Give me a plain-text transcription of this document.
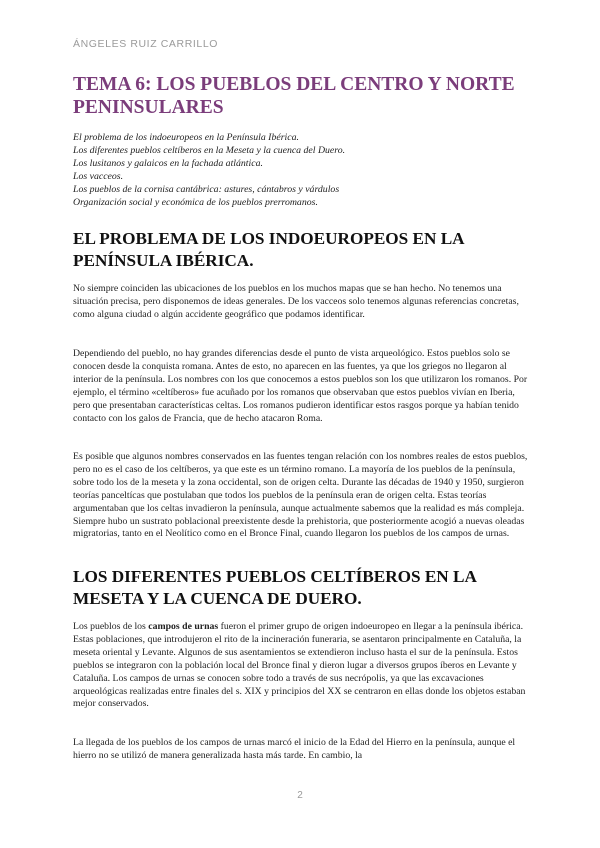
ÁNGELES RUIZ CARRILLO
TEMA 6: LOS PUEBLOS DEL CENTRO Y NORTE PENINSULARES
El problema de los indoeuropeos en la Península Ibérica.
Los diferentes pueblos celtíberos en la Meseta y la cuenca del Duero.
Los lusitanos y galaicos en la fachada atlántica.
Los vacceos.
Los pueblos de la cornisa cantábrica: astures, cántabros y várdulos
Organización social y económica de los pueblos prerromanos.
EL PROBLEMA DE LOS INDOEUROPEOS EN LA PENÍNSULA IBÉRICA.

No siempre coinciden las ubicaciones de los pueblos en los muchos mapas que se han hecho. No tenemos una situación precisa, pero disponemos de ideas generales. De los vacceos solo tenemos algunas referencias concretas, como alguna ciudad o algún accidente geográfico que podamos identificar.

Dependiendo del pueblo, no hay grandes diferencias desde el punto de vista arqueológico. Estos pueblos solo se conocen desde la conquista romana. Antes de esto, no aparecen en las fuentes, ya que los griegos no llegaron al interior de la península. Los nombres con los que conocemos a estos pueblos son los que utilizaron los romanos. Por ejemplo, el término «celtíberos» fue acuñado por los romanos que observaban que estos pueblos vivían en Iberia, pero que presentaban características celtas. Los romanos pudieron identificar estos rasgos porque ya habían tenido contacto con los galos de Francia, que de hecho atacaron Roma.

Es posible que algunos nombres conservados en las fuentes tengan relación con los nombres reales de estos pueblos, pero no es el caso de los celtíberos, ya que este es un término romano. La mayoría de los pueblos de la península, sobre todo los de la meseta y la zona occidental, son de origen celta. Durante las décadas de 1940 y 1950, surgieron teorías panceltícas que postulaban que todos los pueblos de la península eran de origen celta. Estas teorías argumentaban que los celtas invadieron la península, aunque actualmente sabemos que la realidad es más compleja. Siempre hubo un sustrato poblacional preexistente desde la prehistoria, que posteriormente acogió a nuevas oleadas migratorias, tanto en el Neolítico como en el Bronce Final, cuando llegaron los pueblos de los campos de urnas.

LOS DIFERENTES PUEBLOS CELTÍBEROS EN LA MESETA Y LA CUENCA DE DUERO.

Los pueblos de los campos de urnas fueron el primer grupo de origen indoeuropeo en llegar a la península ibérica. Estas poblaciones, que introdujeron el rito de la incineración funeraria, se asentaron principalmente en Cataluña, la meseta oriental y Levante. Algunos de sus asentamientos se extendieron incluso hasta el sur de la península. Estos pueblos se integraron con la población local del Bronce final y dieron lugar a diversos grupos íberos en Levante y Cataluña. Los campos de urnas se conocen sobre todo a través de sus necrópolis, ya que las excavaciones arqueológicas realizadas entre finales del s. XIX y principios del XX se centraron en ellas donde los objetos estaban mejor conservados.

La llegada de los pueblos de los campos de urnas marcó el inicio de la Edad del Hierro en la península, aunque el hierro no se utilizó de manera generalizada hasta más tarde. En cambio, la

2
